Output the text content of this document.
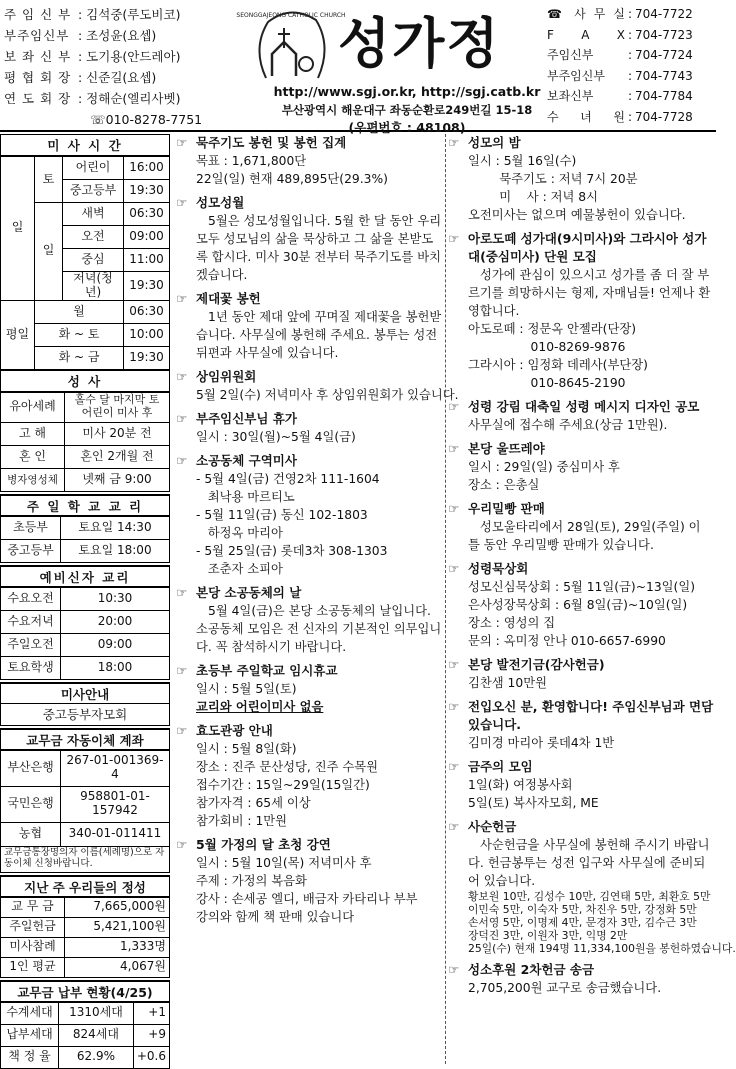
주 임 신 부 : 김석중(루도비코)
부주임신부 : 조성윤(요셉)
보 좌 신 부 : 도기용(안드레아)
평 협 회 장 : 신준길(요셉)
연 도 회 장 : 정해순(엘리사벳)
☏010-8278-7751
SEONGGAJEONG CATHOLIC CHURCH
성가정
http://www.sgj.or.kr, http://sgj.catb.kr
부산광역시 해운대구 좌동순환로249번길 15-18
(우편번호 : 48108)
☎ 사 무 실 : 704-7722
F A X : 704-7723
주임신부	: 704-7724
부주임신부	: 704-7743
보좌신부	: 704-7784
수 녀 원 : 704-7728
미 사 시 간
일	토	어린이	16:00
		중고등부	19:30
	일	새벽	06:30
		오전	09:00
		중심	11:00
		저녁(청년)	19:30
평일	월		06:30
	화 ~ 토		10:00
	화 ~ 금		19:30
성 사
유아세례	홀수 달 마지막 토 어린이 미사 후
고 해	미사 20분 전
혼 인	혼인 2개월 전
병자영성체	넷째 금 9:00
주 일 학 교 교 리
초등부	토요일 14:30
중고등부	토요일 18:00
예비신자 교리
수요오전	10:30
수요저녁	20:00
주일오전	09:00
토요학생	18:00
미사안내
중고등부자모회
교무금 자동이체 계좌
부산은행	267-01-001369-4
국민은행	958801-01-157942
농협	340-01-011411
교무금통장명의자 이름(세례명)으로 자동이체 신청바랍니다.	
지난 주 우리들의 정성
교 무 금	7,665,000원
주일헌금	5,421,100원
미사참례	1,333명
1인 평균	4,067원
교무금 납부 현황(4/25)
수계세대	1310세대	+1
납부세대	824세대	+9
책 정 율	62.9%	+0.6
☞ 묵주기도 봉헌 및 봉헌 집계
목표 : 1,671,800단
22일(일) 현재 489,895단(29.3%)
☞ 성모성월
5월은 성모성월입니다. 5월 한 달 동안 우리 모두 성모님의 삶을 묵상하고 그 삶을 본받도록 합시다. 미사 30분 전부터 묵주기도를 바치겠습니다.
☞ 제대꽃 봉헌
1년 동안 제대 앞에 꾸며질 제대꽃을 봉헌받습니다. 사무실에 봉헌해 주세요. 봉투는 성전 뒤편과 사무실에 있습니다.
☞ 상임위원회
5월 2일(수) 저녁미사 후 상임위원회가 있습니다.
☞ 부주임신부님 휴가
일시 : 30일(월)~5월 4일(금)
☞ 소공동체 구역미사
- 5월 4일(금) 건영2차 111-1604
최낙용 마르티노
- 5월 11일(금) 동신 102-1803
하정옥 마리아
- 5월 25일(금) 롯데3차 308-1303
조춘자 소피아
☞ 본당 소공동체의 날
5월 4일(금)은 본당 소공동체의 날입니다. 소공동체 모임은 전 신자의 기본적인 의무입니다. 꼭 참석하시기 바랍니다.
☞ 초등부 주일학교 임시휴교
일시 : 5월 5일(토)
교리와 어린이미사 없음
☞ 효도관광 안내
일시 : 5월 8일(화)
장소 : 진주 문산성당, 진주 수목원
접수기간 : 15일~29일(15일간)
참가자격 : 65세 이상
참가회비 : 1만원
☞ 5월 가정의 달 초청 강연
일시 : 5월 10일(목) 저녁미사 후
주제 : 가정의 복음화
강사 : 손세공 엘디, 배금자 카타리나 부부
강의와 함께 책 판매 있습니다
☞ 성모의 밤
일시 : 5월 16일(수)
묵주기도 : 저녁 7시 20분
미    사 : 저녁 8시
오전미사는 없으며 예물봉헌이 있습니다.
☞ 아로도떼 성가대(9시미사)와 그라시아 성가대(중심미사) 단원 모집
성가에 관심이 있으시고 성가를 좀 더 잘 부르기를 희망하시는 형제, 자매님들! 언제나 환영합니다.
아도로떼 : 정문옥 안젤라(단장)
010-8269-9876
그라시아 : 임정화 데레사(부단장)
010-8645-2190
☞ 성령 강림 대축일 성령 메시지 디자인 공모
사무실에 접수해 주세요(상금 1만원).
☞ 본당 울뜨레야
일시 : 29일(일) 중심미사 후
장소 : 은총실
☞ 우리밀빵 판매
성모울타리에서 28일(토), 29일(주일) 이틀 동안 우리밀빵 판매가 있습니다.
☞ 성령묵상회
성모신심묵상회 : 5월 11일(금)~13일(일)
은사성장묵상회 : 6월 8일(금)~10일(일)
장소 : 영성의 집
문의 : 옥미정 안나 010-6657-6990
☞ 본당 발전기금(감사헌금)
김찬샘 10만원
☞ 전입오신 분, 환영합니다! 주임신부님과 면담 있습니다.
김미경 마리아 롯데4차 1반
☞ 금주의 모임
1일(화) 여정봉사회
5일(토) 복사자모회, ME
☞ 사순헌금
사순헌금을 사무실에 봉헌해 주시기 바랍니다. 헌금봉투는 성전 입구와 사무실에 준비되어 있습니다.
황보원 10만, 김성수 10만, 김연태 5만, 최환호 5만
이민숙 5만, 이숙자 5만, 차진우 5만, 강정화 5만
손서영 5만, 이명제 4만, 문경자 3만, 김수근 3만
장덕진 3만, 이원자 3만, 익명 2만
25일(수) 현재 194명 11,334,100원을 봉헌하였습니다.
☞ 성소후원 2차헌금 송금
2,705,200원 교구로 송금했습니다.
